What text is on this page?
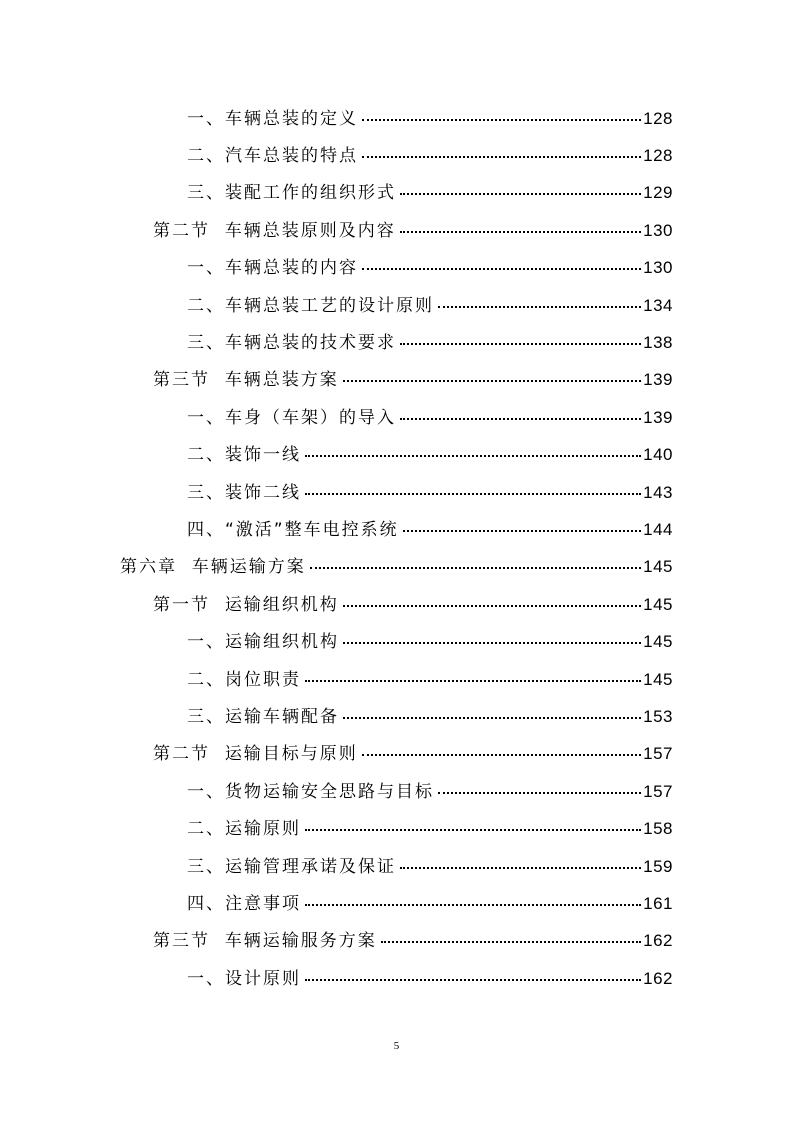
一、 车辆总装的定义	128
二、 汽车总装的特点	128
三、 装配工作的组织形式	129
第二节 车辆总装原则及内容	130
一、 车辆总装的内容	130
二、 车辆总装工艺的设计原则	134
三、 车辆总装的技术要求	138
第三节 车辆总装方案	139
一、 车身（车架）的导入	139
二、 装饰一线	140
三、 装饰二线	143
四、 “激活”整车电控系统	144
第六章 车辆运输方案	145
第一节 运输组织机构	145
一、 运输组织机构	145
二、 岗位职责	145
三、 运输车辆配备	153
第二节 运输目标与原则	157
一、 货物运输安全思路与目标	157
二、 运输原则	158
三、 运输管理承诺及保证	159
四、 注意事项	161
第三节 车辆运输服务方案	162
一、 设计原则	162
5
